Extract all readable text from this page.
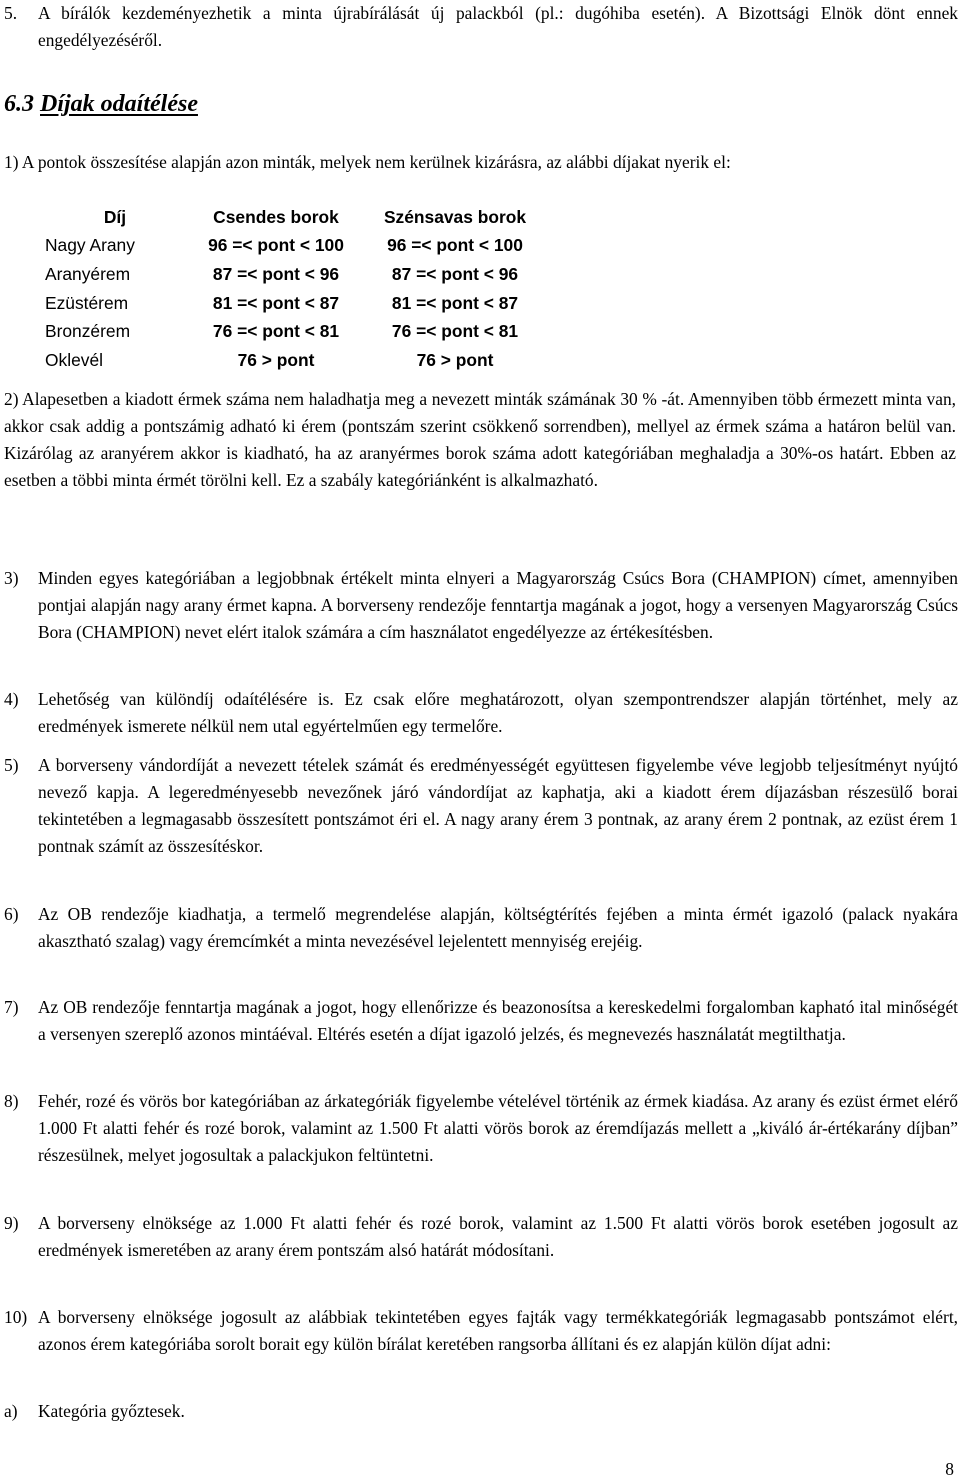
5. A bírálók kezdeményezhetik a minta újrabírálását új palackból (pl.: dugóhiba esetén). A Bizottsági Elnök dönt ennek engedélyezéséről.
6.3 Díjak odaítélése

1) A pontok összesítése alapján azon minták, melyek nem kerülnek kizárásra, az alábbi díjakat nyerik el:

Díj	Csendes borok	Szénsavas borok
Nagy Arany	96 =< pont < 100	96 =< pont < 100
Aranyérem	87 =< pont < 96	87 =< pont < 96
Ezüstérem	81 =< pont < 87	81 =< pont < 87
Bronzérem	76 =< pont < 81	76 =< pont < 81
Oklevél	76 > pont	76 > pont

2) Alapesetben a kiadott érmek száma nem haladhatja meg a nevezett minták számának 30 % -át. Amennyiben több érmezett minta van, akkor csak addig a pontszámig adható ki érem (pontszám szerint csökkenő sorrendben), mellyel az érmek száma a határon belül van. Kizárólag az aranyérem akkor is kiadható, ha az aranyérmes borok száma adott kategóriában meghaladja a 30%-os határt. Ebben az esetben a többi minta érmét törölni kell. Ez a szabály kategóriánként is alkalmazható.

3) Minden egyes kategóriában a legjobbnak értékelt minta elnyeri a Magyarország Csúcs Bora (CHAMPION) címet, amennyiben pontjai alapján nagy arany érmet kapna. A borverseny rendezője fenntartja magának a jogot, hogy a versenyen Magyarország Csúcs Bora (CHAMPION) nevet elért italok számára a cím használatot engedélyezze az értékesítésben.
4) Lehetőség van különdíj odaítélésére is. Ez csak előre meghatározott, olyan szempontrendszer alapján történhet, mely az eredmények ismerete nélkül nem utal egyértelműen egy termelőre.
5) A borverseny vándordíját a nevezett tételek számát és eredményességét együttesen figyelembe véve legjobb teljesítményt nyújtó nevező kapja. A legeredményesebb nevezőnek járó vándordíjat az kaphatja, aki a kiadott érem díjazásban részesülő borai tekintetében a legmagasabb összesített pontszámot éri el. A nagy arany érem 3 pontnak, az arany érem 2 pontnak, az ezüst érem 1 pontnak számít az összesítéskor.
6) Az OB rendezője kiadhatja, a termelő megrendelése alapján, költségtérítés fejében a minta érmét igazoló (palack nyakára akasztható szalag) vagy éremcímkét a minta nevezésével lejelentett mennyiség erejéig.
7) Az OB rendezője fenntartja magának a jogot, hogy ellenőrizze és beazonosítsa a kereskedelmi forgalomban kapható ital minőségét a versenyen szereplő azonos mintáéval. Eltérés esetén a díjat igazoló jelzés, és megnevezés használatát megtilthatja.
8) Fehér, rozé és vörös bor kategóriában az árkategóriák figyelembe vételével történik az érmek kiadása. Az arany és ezüst érmet elérő 1.000 Ft alatti fehér és rozé borok, valamint az 1.500 Ft alatti vörös borok az éremdíjazás mellett a „kiváló ár-értékarány díjban” részesülnek, melyet jogosultak a palackjukon feltüntetni.
9) A borverseny elnöksége az 1.000 Ft alatti fehér és rozé borok, valamint az 1.500 Ft alatti vörös borok esetében jogosult az eredmények ismeretében az arany érem pontszám alsó határát módosítani.
10) A borverseny elnöksége jogosult az alábbiak tekintetében egyes fajták vagy termékkategóriák legmagasabb pontszámot elért, azonos érem kategóriába sorolt borait egy külön bírálat keretében rangsorba állítani és ez alapján külön díjat adni:
a) Kategória győztesek.
8
